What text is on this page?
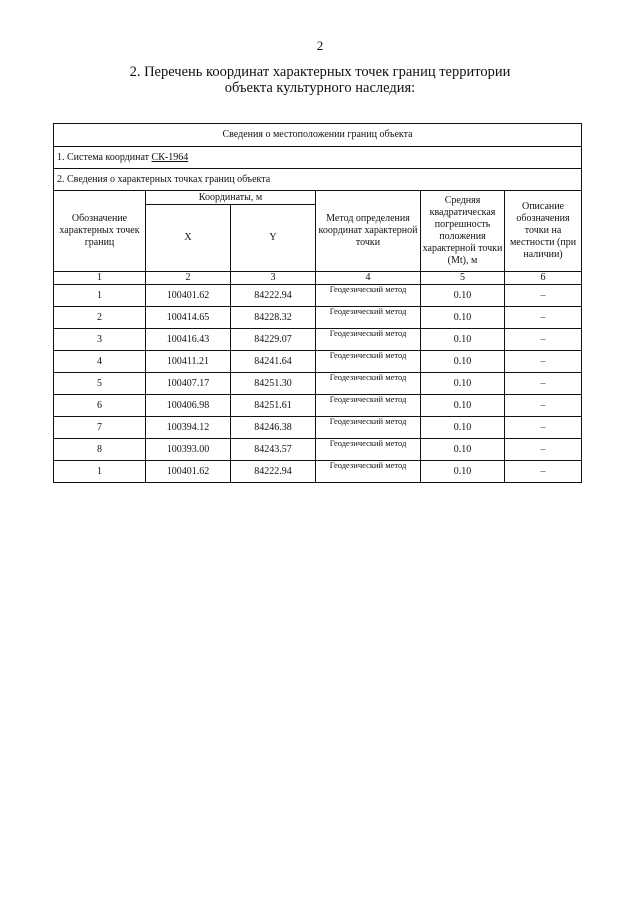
2
2. Перечень координат характерных точек границ территории
объекта культурного наследия:
Сведения о местоположении границ объекта					
1. Система координат СК-1964					
2. Сведения о характерных точках границ объекта					
Обозначение характерных точек границ	Координаты, м		Метод определения координат характерной точки	Средняя квадратическая погрешность положения характерной точки (Мt), м	Описание обозначения точки на местности (при наличии)
	X	Y			
1	2	3	4	5	6
1	100401.62	84222.94	Геодезический метод	0.10	–
2	100414.65	84228.32	Геодезический метод	0.10	–
3	100416.43	84229.07	Геодезический метод	0.10	–
4	100411.21	84241.64	Геодезический метод	0.10	–
5	100407.17	84251.30	Геодезический метод	0.10	–
6	100406.98	84251.61	Геодезический метод	0.10	–
7	100394.12	84246.38	Геодезический метод	0.10	–
8	100393.00	84243.57	Геодезический метод	0.10	–
1	100401.62	84222.94	Геодезический метод	0.10	–
